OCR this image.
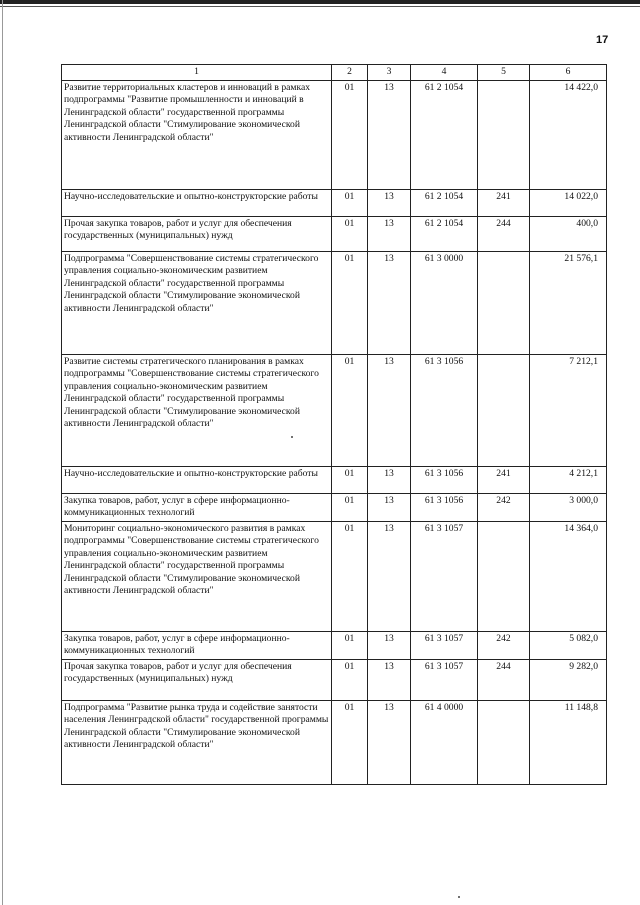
17
1	2	3	4	5	6
Развитие территориальных кластеров и инноваций в рамках подпрограммы "Развитие промышленности и инноваций в Ленинградской области" государственной программы Ленинградской области "Стимулирование экономической активности Ленинградской области"	01	13	61 2 1054		14 422,0
Научно-исследовательские и опытно-конструкторские работы	01	13	61 2 1054	241	14 022,0
Прочая закупка товаров, работ и услуг для обеспечения государственных (муниципальных) нужд	01	13	61 2 1054	244	400,0
Подпрограмма "Совершенствование системы стратегического управления социально-экономическим развитием Ленинградской области" государственной программы Ленинградской области "Стимулирование экономической активности Ленинградской области"	01	13	61 3 0000		21 576,1
Развитие системы стратегического планирования в рамках подпрограммы "Совершенствование системы стратегического управления социально-экономическим развитием Ленинградской области" государственной программы Ленинградской области "Стимулирование экономической активности Ленинградской области"	01	13	61 3 1056		7 212,1
Научно-исследовательские и опытно-конструкторские работы	01	13	61 3 1056	241	4 212,1
Закупка товаров, работ, услуг в сфере информационно-коммуникационных технологий	01	13	61 3 1056	242	3 000,0
Мониторинг социально-экономического развития в рамках подпрограммы "Совершенствование системы стратегического управления социально-экономическим развитием Ленинградской области" государственной программы Ленинградской области "Стимулирование экономической активности Ленинградской области"	01	13	61 3 1057		14 364,0
Закупка товаров, работ, услуг в сфере информационно-коммуникационных технологий	01	13	61 3 1057	242	5 082,0
Прочая закупка товаров, работ и услуг для обеспечения государственных (муниципальных) нужд	01	13	61 3 1057	244	9 282,0
Подпрограмма "Развитие рынка труда и содействие занятости населения Ленинградской области" государственной программы Ленинградской области "Стимулирование экономической активности Ленинградской области"	01	13	61 4 0000		11 148,8
